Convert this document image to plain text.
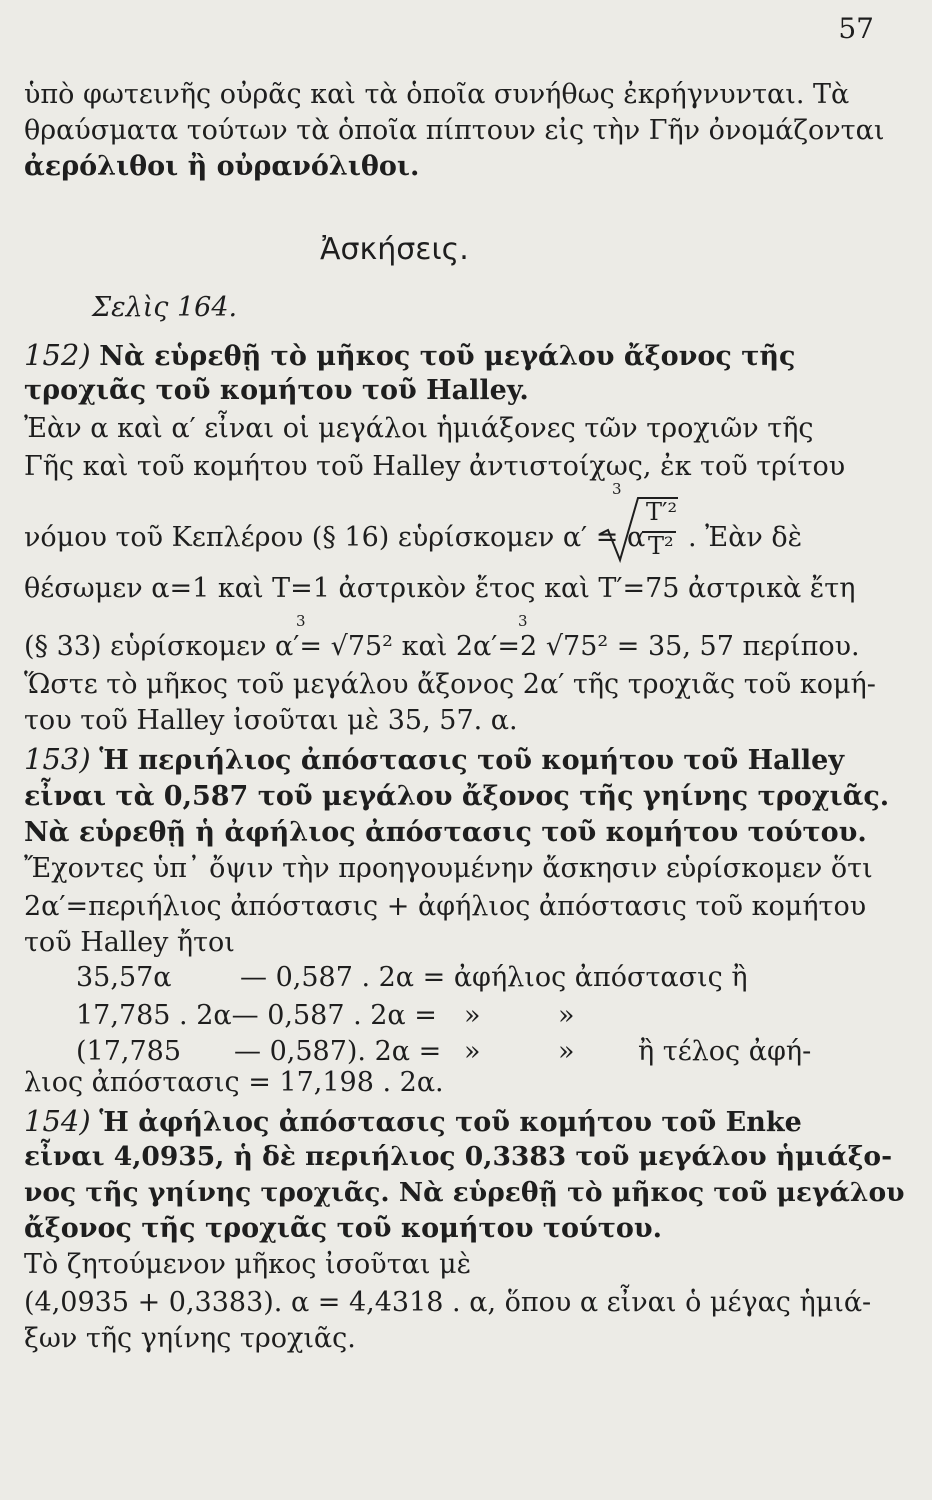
57
ὑπὸ φωτεινῆς οὐρᾶς καὶ τὰ ὁποῖα συνήθως ἐκρήγνυνται. Τὰ
θραύσματα τούτων τὰ ὁποῖα πίπτουν εἰς τὴν Γῆν ὀνομάζονται
ἀερόλιθοι ἢ οὐρανόλιθοι.
Ἀσκήσεις.
Σελὶς 164.
152) Νὰ εὑρεθῇ τὸ μῆκος τοῦ μεγάλου ἄξονος τῆς
τροχιᾶς τοῦ κομήτου τοῦ Halley.
Ἐὰν α καὶ α′ εἶναι οἱ μεγάλοι ἡμιάξονες τῶν τροχιῶν τῆς
Γῆς καὶ τοῦ κομήτου τοῦ Halley ἀντιστοίχως, ἐκ τοῦ τρίτου
3
νόμου τοῦ Κεπλέρου (§ 16) εὑρίσκομεν α′ = α
T′²
T² . Ἐὰν δὲ
θέσωμεν α=1 καὶ T=1 ἀστρικὸν ἔτος καὶ T′=75 ἀστρικὰ ἔτη
3	3
(§ 33) εὑρίσκομεν α′= √75² καὶ 2α′=2 √75² = 35, 57 περίπου.
Ὥστε τὸ μῆκος τοῦ μεγάλου ἄξονος 2α′ τῆς τροχιᾶς τοῦ κομή-
του τοῦ Halley ἰσοῦται μὲ 35, 57. α.
153) Ἡ περιήλιος ἀπόστασις τοῦ κομήτου τοῦ Halley
εἶναι τὰ 0,587 τοῦ μεγάλου ἄξονος τῆς γηίνης τροχιᾶς.
Νὰ εὑρεθῇ ἡ ἀφήλιος ἀπόστασις τοῦ κομήτου τούτου.
Ἔχοντες ὑπ᾿ ὄψιν τὴν προηγουμένην ἄσκησιν εὑρίσκομεν ὅτι
2α′=περιήλιος ἀπόστασις + ἀφήλιος ἀπόστασις τοῦ κομήτου
τοῦ Halley ἤτοι
35,57α	— 0,587 . 2α = ἀφήλιος ἀπόστασις ἢ
17,785 . 2α— 0,587 . 2α = »	»
(17,785 — 0,587). 2α = »	» ἢ τέλος ἀφή-
λιος ἀπόστασις = 17,198 . 2α.
154) Ἡ ἀφήλιος ἀπόστασις τοῦ κομήτου τοῦ Enke
εἶναι 4,0935, ἡ δὲ περιήλιος 0,3383 τοῦ μεγάλου ἡμιάξο-
νος τῆς γηίνης τροχιᾶς. Νὰ εὑρεθῇ τὸ μῆκος τοῦ μεγάλου
ἄξονος τῆς τροχιᾶς τοῦ κομήτου τούτου.
Τὸ ζητούμενον μῆκος ἰσοῦται μὲ
(4,0935 + 0,3383). α = 4,4318 . α, ὅπου α εἶναι ὁ μέγας ἡμιά-
ξων τῆς γηίνης τροχιᾶς.
